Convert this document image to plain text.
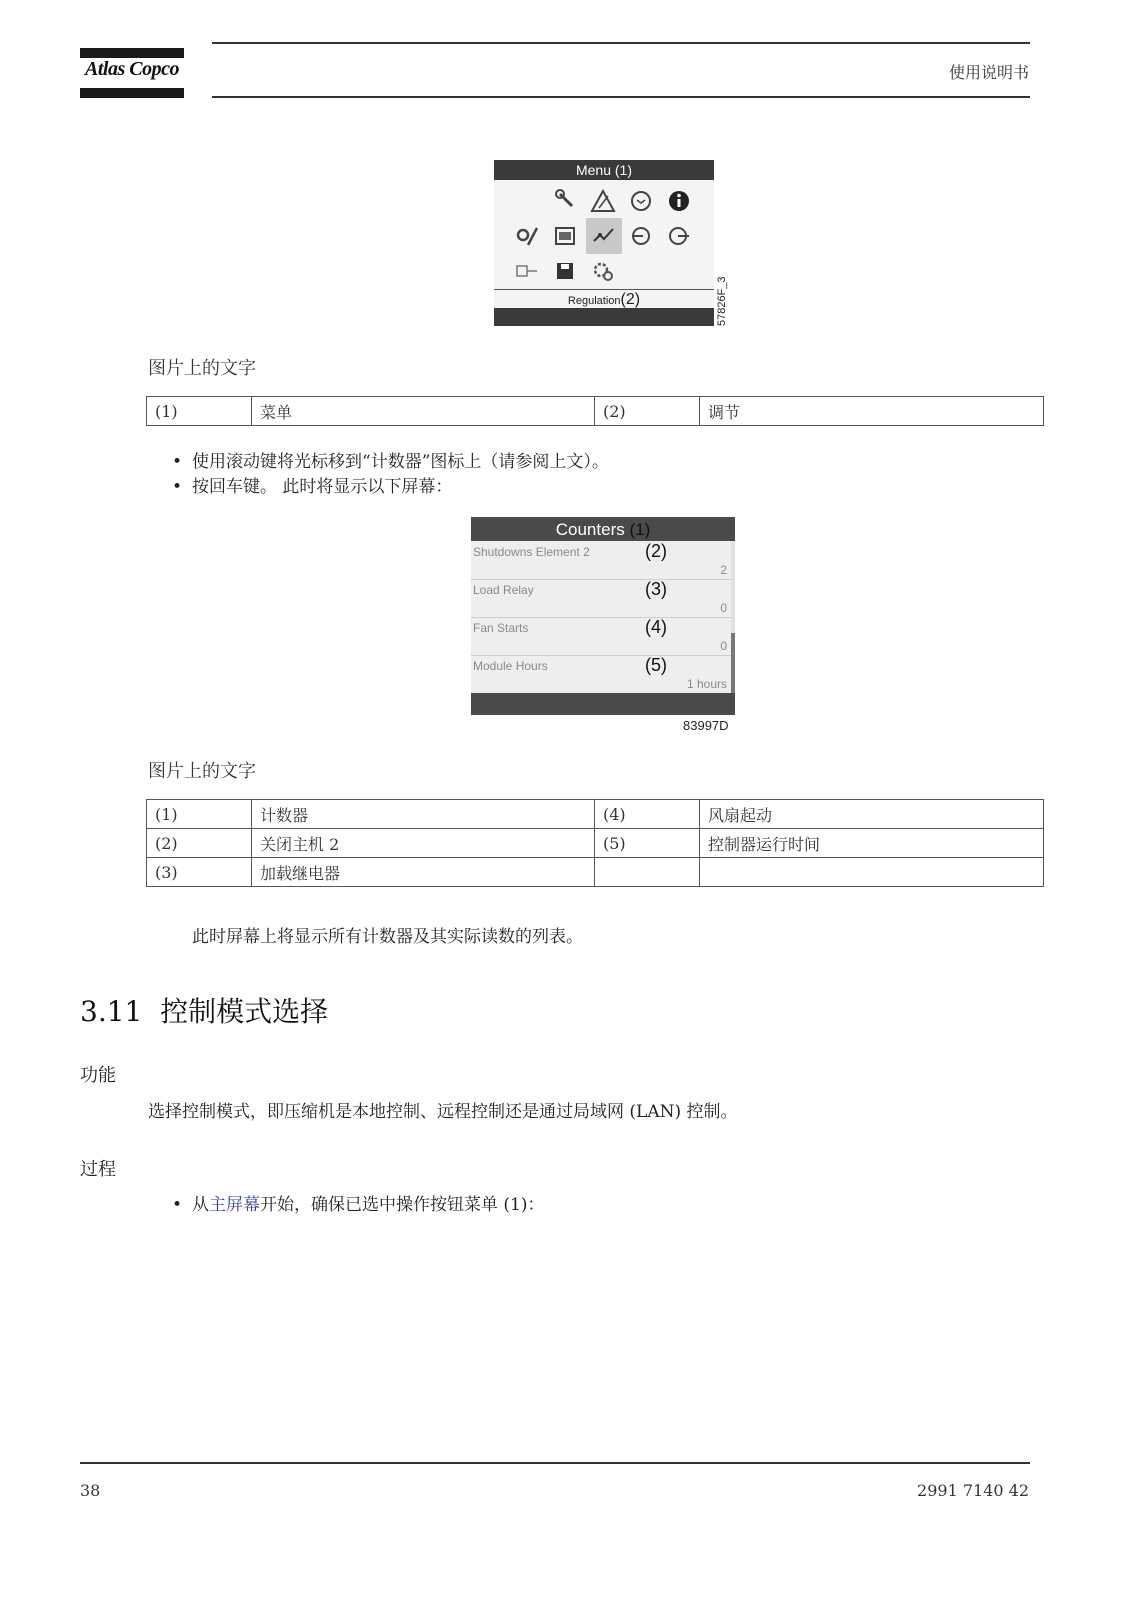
Atlas Copco	使用说明书
Menu (1)
Regulation(2)	57826F_3
图片上的文字
(1)	菜单	(2)	调节
• 使用滚动键将光标移到“计数器”图标上（请参阅上文）。
• 按回车键。 此时将显示以下屏幕：
Counters (1)
Shutdowns Element 2	(2)
2
Load Relay	(3)
0
Fan Starts	(4)
0
Module Hours	(5)
1 hours
83997D
图片上的文字
(1)	计数器	(4)	风扇起动
(2)	关闭主机 2	(5)	控制器运行时间
(3)	加载继电器		
此时屏幕上将显示所有计数器及其实际读数的列表。
3.11 控制模式选择
功能
选择控制模式，即压缩机是本地控制、远程控制还是通过局域网 (LAN) 控制。
过程
• 从主屏幕开始，确保已选中操作按钮菜单 (1)：
38	2991 7140 42
